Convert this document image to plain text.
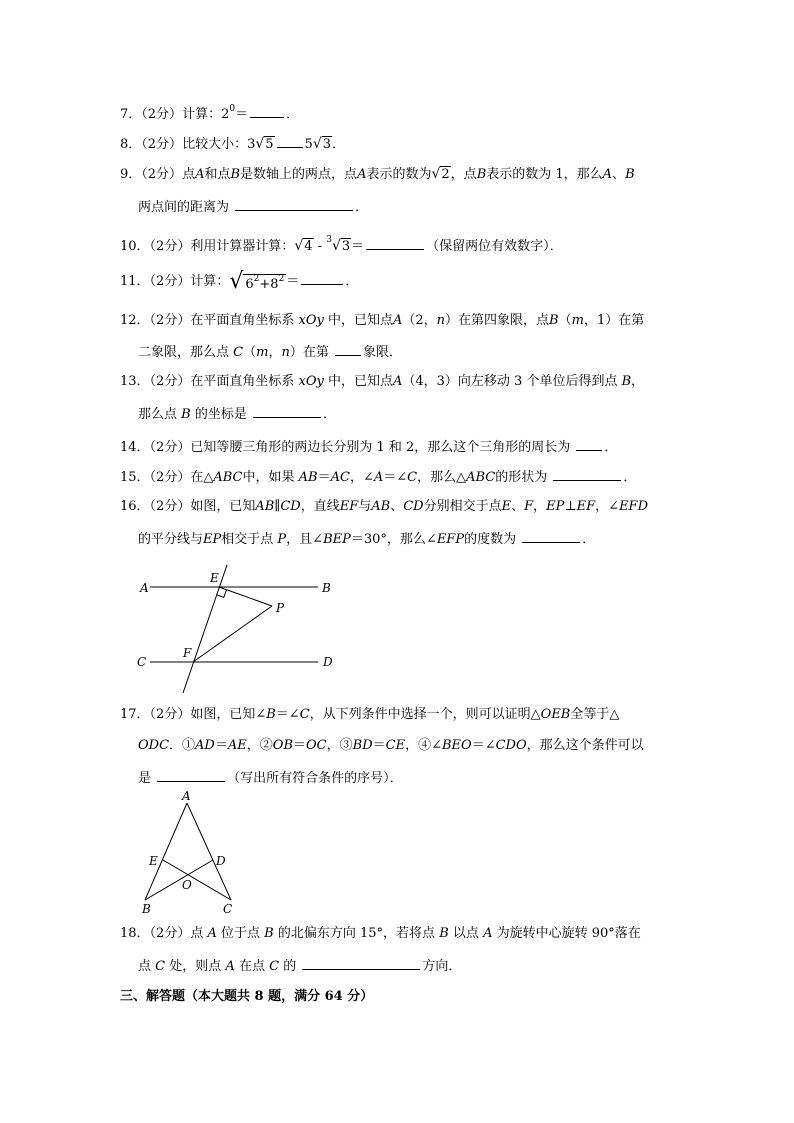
7．（2分）计算：$2^0=$	．
8．（2分）比较大小：3√5 5√3．
9．（2分）点A和点B是数轴上的两点，点A表示的数为√2，点B表示的数为 1，那么A、B
两点间的距离为	．
10．（2分）利用计算器计算：√4 - $^3$√3＝	（保留两位有效数字）．
11．（2分）计算： √ $6^2+8^2$ ＝	．
12．（2分）在平面直角坐标系 xOy 中，已知点A（2，n）在第四象限，点B（m，1）在第
二象限，那么点 C（m，n）在第	象限．
13．（2分）在平面直角坐标系 xOy 中，已知点A（4，3）向左移动 3 个单位后得到点 B，
那么点 B 的坐标是	．
14．（2分）已知等腰三角形的两边长分别为 1 和 2，那么这个三角形的周长为	．
15．（2分）在△ABC中，如果 AB＝AC，∠A＝∠C，那么△ABC的形状为	．
16．（2分）如图，已知AB∥CD，直线EF与AB、CD分别相交于点E、F，EP⊥EF，∠EFD
的平分线与EP相交于点 P，且∠BEP＝30°，那么∠EFP的度数为	．
A	B
C	D
E
F
P
17．（2分）如图，已知∠B＝∠C，从下列条件中选择一个，则可以证明△OEB全等于△
ODC．①AD＝AE，②OB＝OC，③BD＝CE，④∠BEO＝∠CDO，那么这个条件可以
是	（写出所有符合条件的序号）．
A
E	D
O
B	C
18．（2分）点 A 位于点 B 的北偏东方向 15°，若将点 B 以点 A 为旋转中心旋转 90°落在
点 C 处，则点 A 在点 C 的	方向．
三、解答题（本大题共 8 题，满分 64 分）
